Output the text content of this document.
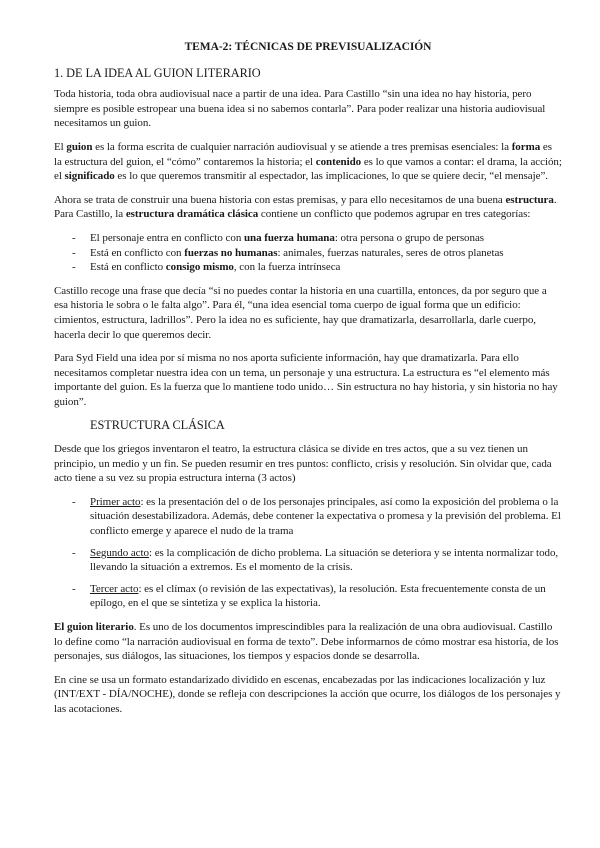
TEMA-2: TÉCNICAS DE PREVISUALIZACIÓN
1. DE LA IDEA AL GUION LITERARIO

Toda historia, toda obra audiovisual nace a partir de una idea. Para Castillo “sin una idea no hay historia, pero siempre es posible estropear una buena idea si no sabemos contarla”. Para poder realizar una historia audiovisual necesitamos un guion.

El guion es la forma escrita de cualquier narración audiovisual y se atiende a tres premisas esenciales: la forma es la estructura del guion, el “cómo” contaremos la historia; el contenido es lo que vamos a contar: el drama, la acción; el significado es lo que queremos transmitir al espectador, las implicaciones, lo que se quiere decir, “el mensaje”.

Ahora se trata de construir una buena historia con estas premisas, y para ello necesitamos de una buena estructura. Para Castillo, la estructura dramática clásica contiene un conflicto que podemos agrupar en tres categorías:

- El personaje entra en conflicto con una fuerza humana: otra persona o grupo de personas
- Está en conflicto con fuerzas no humanas: animales, fuerzas naturales, seres de otros planetas
- Está en conflicto consigo mismo, con la fuerza intrínseca

Castillo recoge una frase que decía “si no puedes contar la historia en una cuartilla, entonces, da por seguro que a esa historia le sobra o le falta algo”. Para él, “una idea esencial toma cuerpo de igual forma que un edificio: cimientos, estructura, ladrillos”. Pero la idea no es suficiente, hay que dramatizarla, desarrollarla, darle cuerpo, hacerla decir lo que queremos decir.

Para Syd Field una idea por sí misma no nos aporta suficiente información, hay que dramatizarla. Para ello necesitamos completar nuestra idea con un tema, un personaje y una estructura. La estructura es “el elemento más importante del guion. Es la fuerza que lo mantiene todo unido… Sin estructura no hay historia, y sin historia no hay guion”.

ESTRUCTURA CLÁSICA

Desde que los griegos inventaron el teatro, la estructura clásica se divide en tres actos, que a su vez tienen un principio, un medio y un fin. Se pueden resumir en tres puntos: conflicto, crisis y resolución. Sin olvidar que, cada acto tiene a su vez su propia estructura interna (3 actos)

- Primer acto: es la presentación del o de los personajes principales, así como la exposición del problema o la situación desestabilizadora. Además, debe contener la expectativa o promesa y la previsión del problema. El conflicto emerge y aparece el nudo de la trama
- Segundo acto: es la complicación de dicho problema. La situación se deteriora y se intenta normalizar todo, llevando la situación a extremos. Es el momento de la crisis.
- Tercer acto: es el clímax (o revisión de las expectativas), la resolución. Esta frecuentemente consta de un epílogo, en el que se sintetiza y se explica la historia.

El guion literario. Es uno de los documentos imprescindibles para la realización de una obra audiovisual. Castillo lo define como “la narración audiovisual en forma de texto”. Debe informarnos de cómo mostrar esa historia, de los personajes, sus diálogos, las situaciones, los tiempos y espacios donde se desarrolla.

En cine se usa un formato estandarizado dividido en escenas, encabezadas por las indicaciones localización y luz (INT/EXT - DÍA/NOCHE), donde se refleja con descripciones la acción que ocurre, los diálogos de los personajes y las acotaciones.
